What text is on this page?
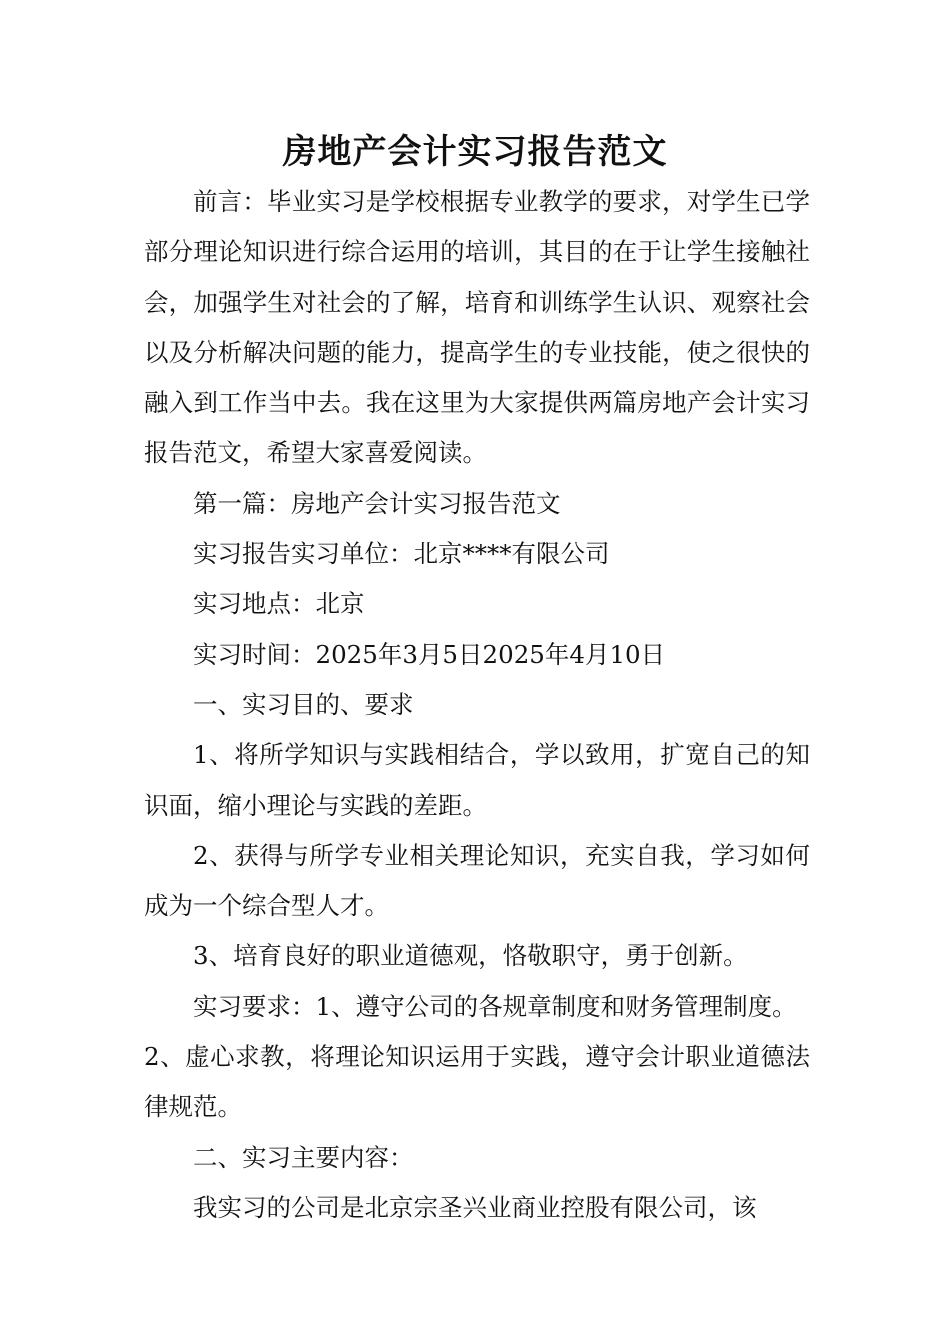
房地产会计实习报告范文

前言：毕业实习是学校根据专业教学的要求，对学生已学部分理论知识进行综合运用的培训，其目的在于让学生接触社会，加强学生对社会的了解，培育和训练学生认识、观察社会以及分析解决问题的能力，提高学生的专业技能，使之很快的融入到工作当中去。我在这里为大家提供两篇房地产会计实习报告范文，希望大家喜爱阅读。

第一篇：房地产会计实习报告范文

实习报告实习单位：北京****有限公司

实习地点：北京

实习时间：2025年3月5日2025年4月10日

一、实习目的、要求

1、将所学知识与实践相结合，学以致用，扩宽自己的知识面，缩小理论与实践的差距。

2、获得与所学专业相关理论知识，充实自我，学习如何成为一个综合型人才。

3、培育良好的职业道德观，恪敬职守，勇于创新。

实习要求：1、遵守公司的各规章制度和财务管理制度。

2、虚心求教，将理论知识运用于实践，遵守会计职业道德法律规范。

二、实习主要内容：

我实习的公司是北京宗圣兴业商业控股有限公司，该
